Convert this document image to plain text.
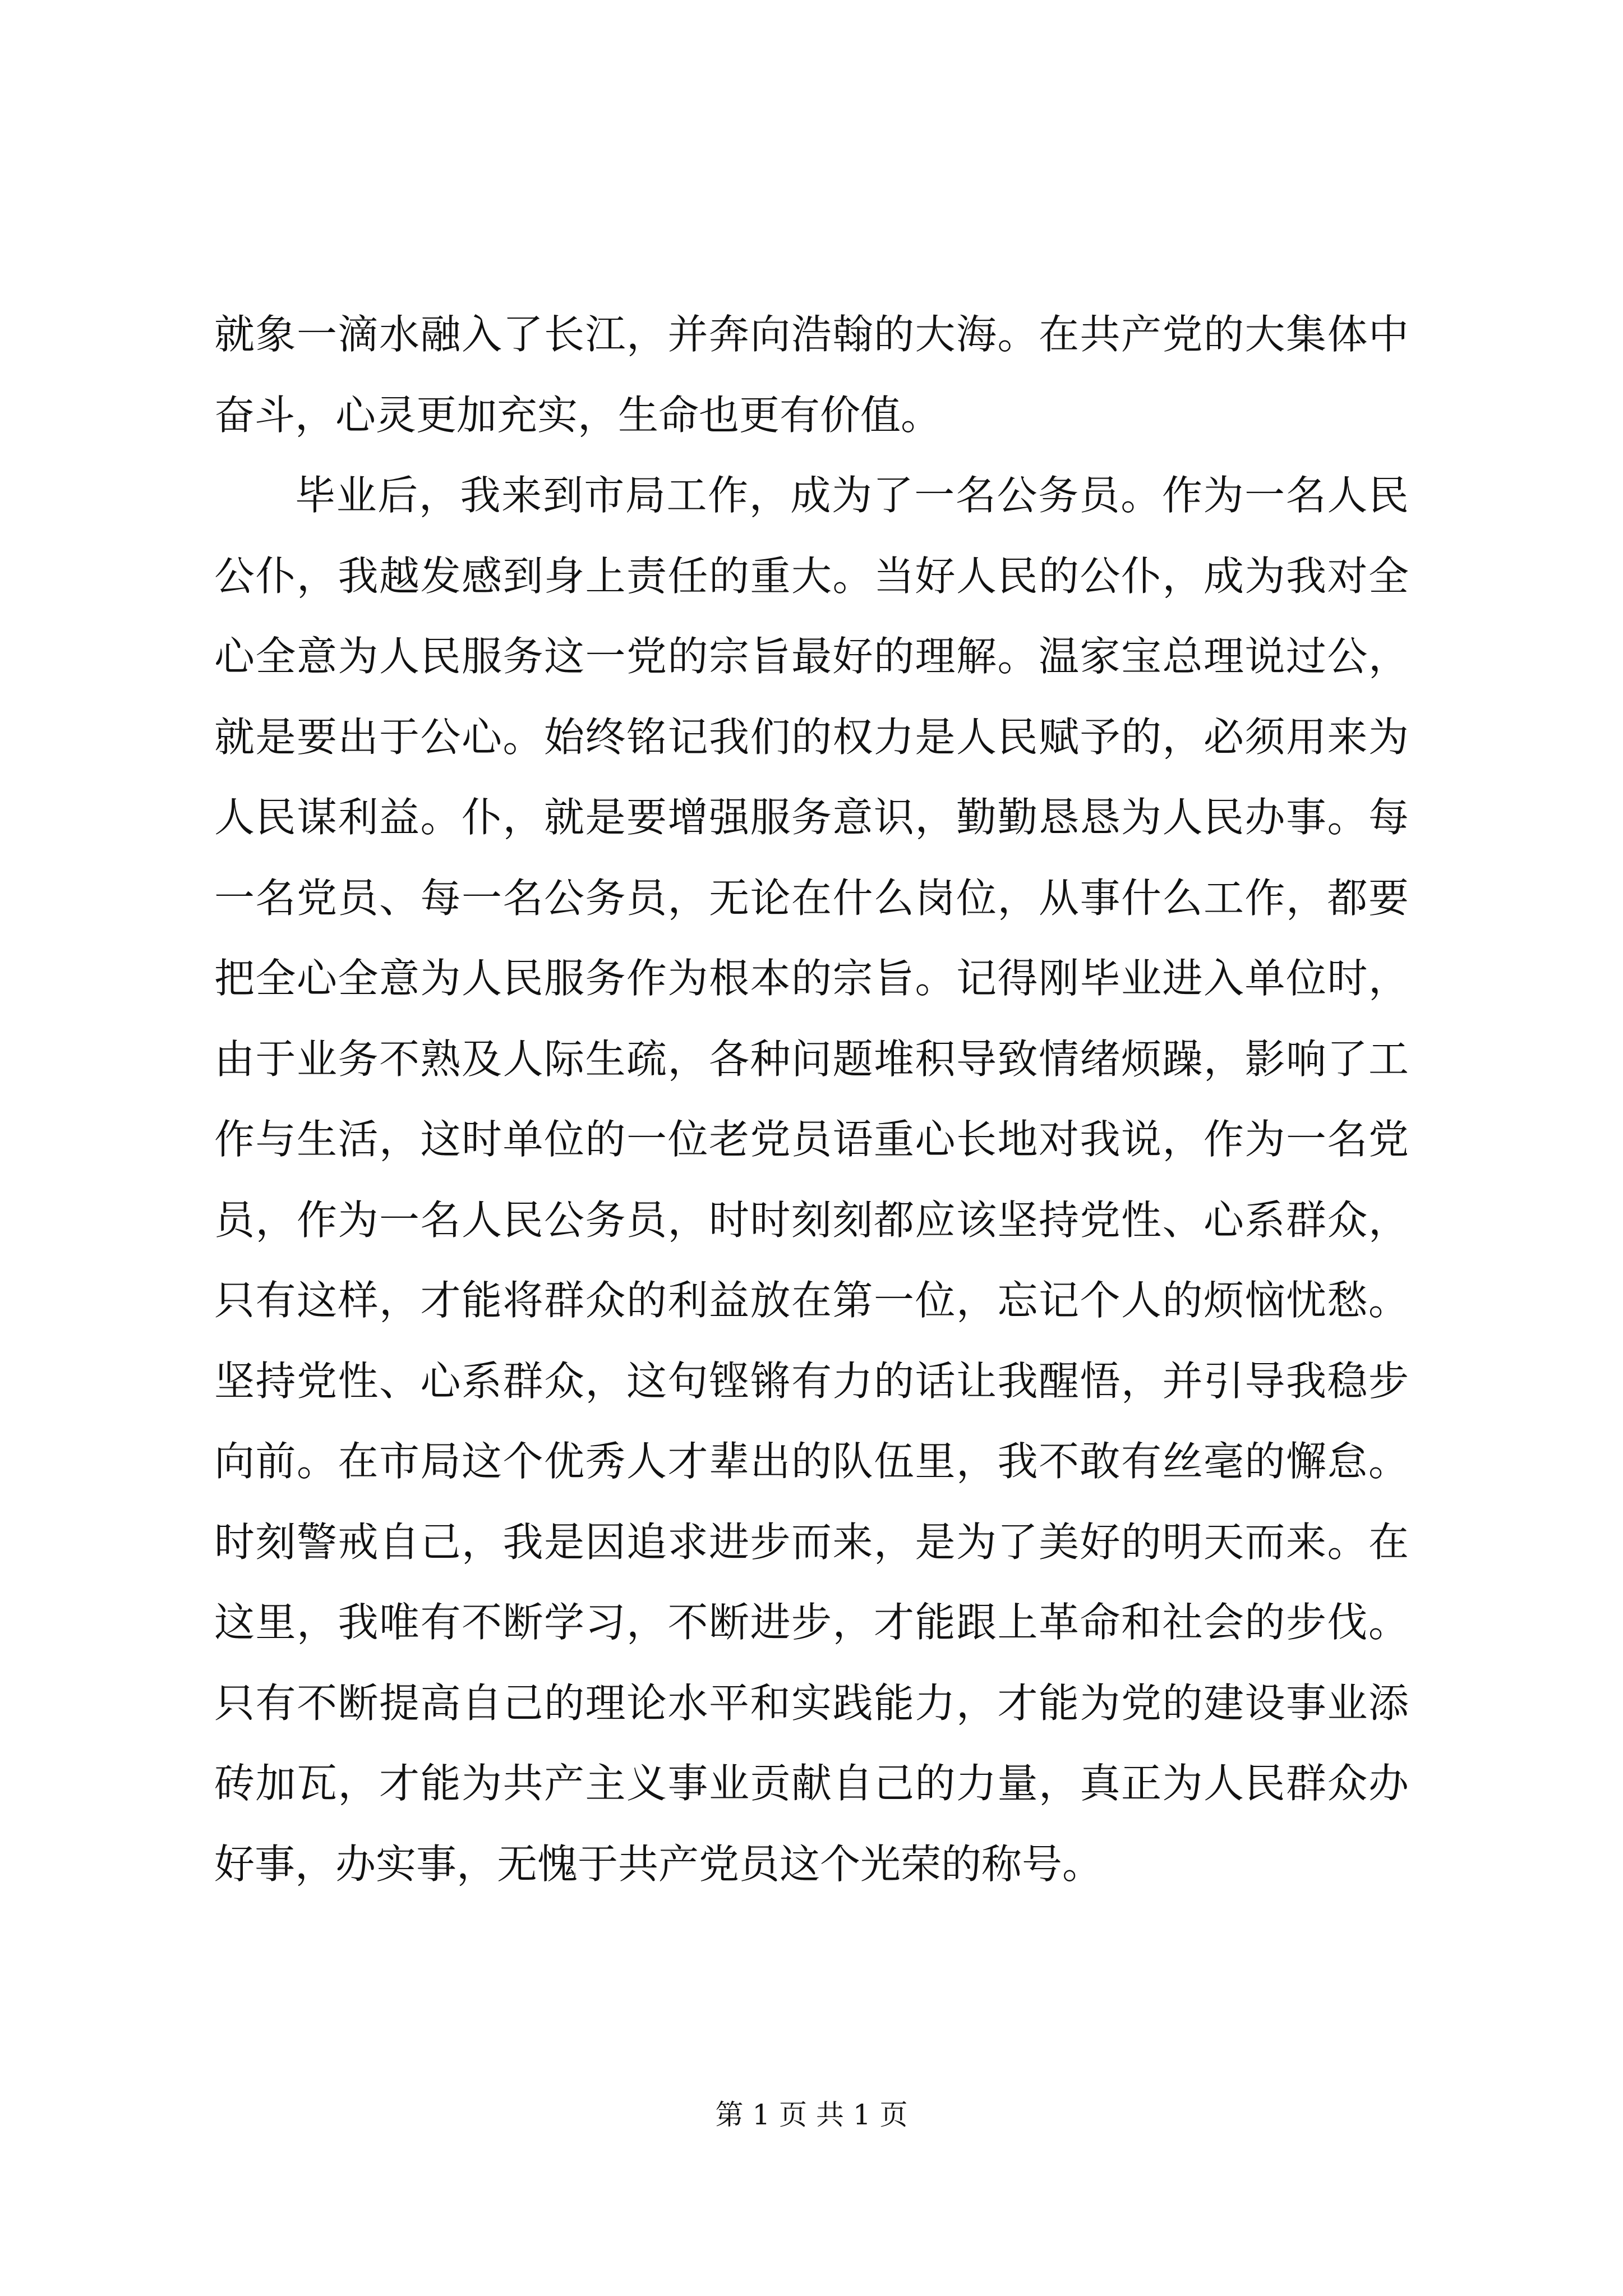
就象一滴水融入了长江，并奔向浩翰的大海。在共产党的大集体中奋斗，心灵更加充实，生命也更有价值。

毕业后，我来到市局工作，成为了一名公务员。作为一名人民公仆，我越发感到身上责任的重大。当好人民的公仆，成为我对全心全意为人民服务这一党的宗旨最好的理解。温家宝总理说过公，就是要出于公心。始终铭记我们的权力是人民赋予的，必须用来为人民谋利益。仆，就是要增强服务意识，勤勤恳恳为人民办事。每一名党员、每一名公务员，无论在什么岗位，从事什么工作，都要把全心全意为人民服务作为根本的宗旨。记得刚毕业进入单位时，由于业务不熟及人际生疏，各种问题堆积导致情绪烦躁，影响了工作与生活，这时单位的一位老党员语重心长地对我说，作为一名党员，作为一名人民公务员，时时刻刻都应该坚持党性、心系群众，只有这样，才能将群众的利益放在第一位，忘记个人的烦恼忧愁。坚持党性、心系群众，这句铿锵有力的话让我醒悟，并引导我稳步向前。在市局这个优秀人才辈出的队伍里，我不敢有丝毫的懈怠。时刻警戒自己，我是因追求进步而来，是为了美好的明天而来。在这里，我唯有不断学习，不断进步，才能跟上革命和社会的步伐。只有不断提高自己的理论水平和实践能力，才能为党的建设事业添砖加瓦，才能为共产主义事业贡献自己的力量，真正为人民群众办好事，办实事，无愧于共产党员这个光荣的称号。

第 1 页 共 1 页
